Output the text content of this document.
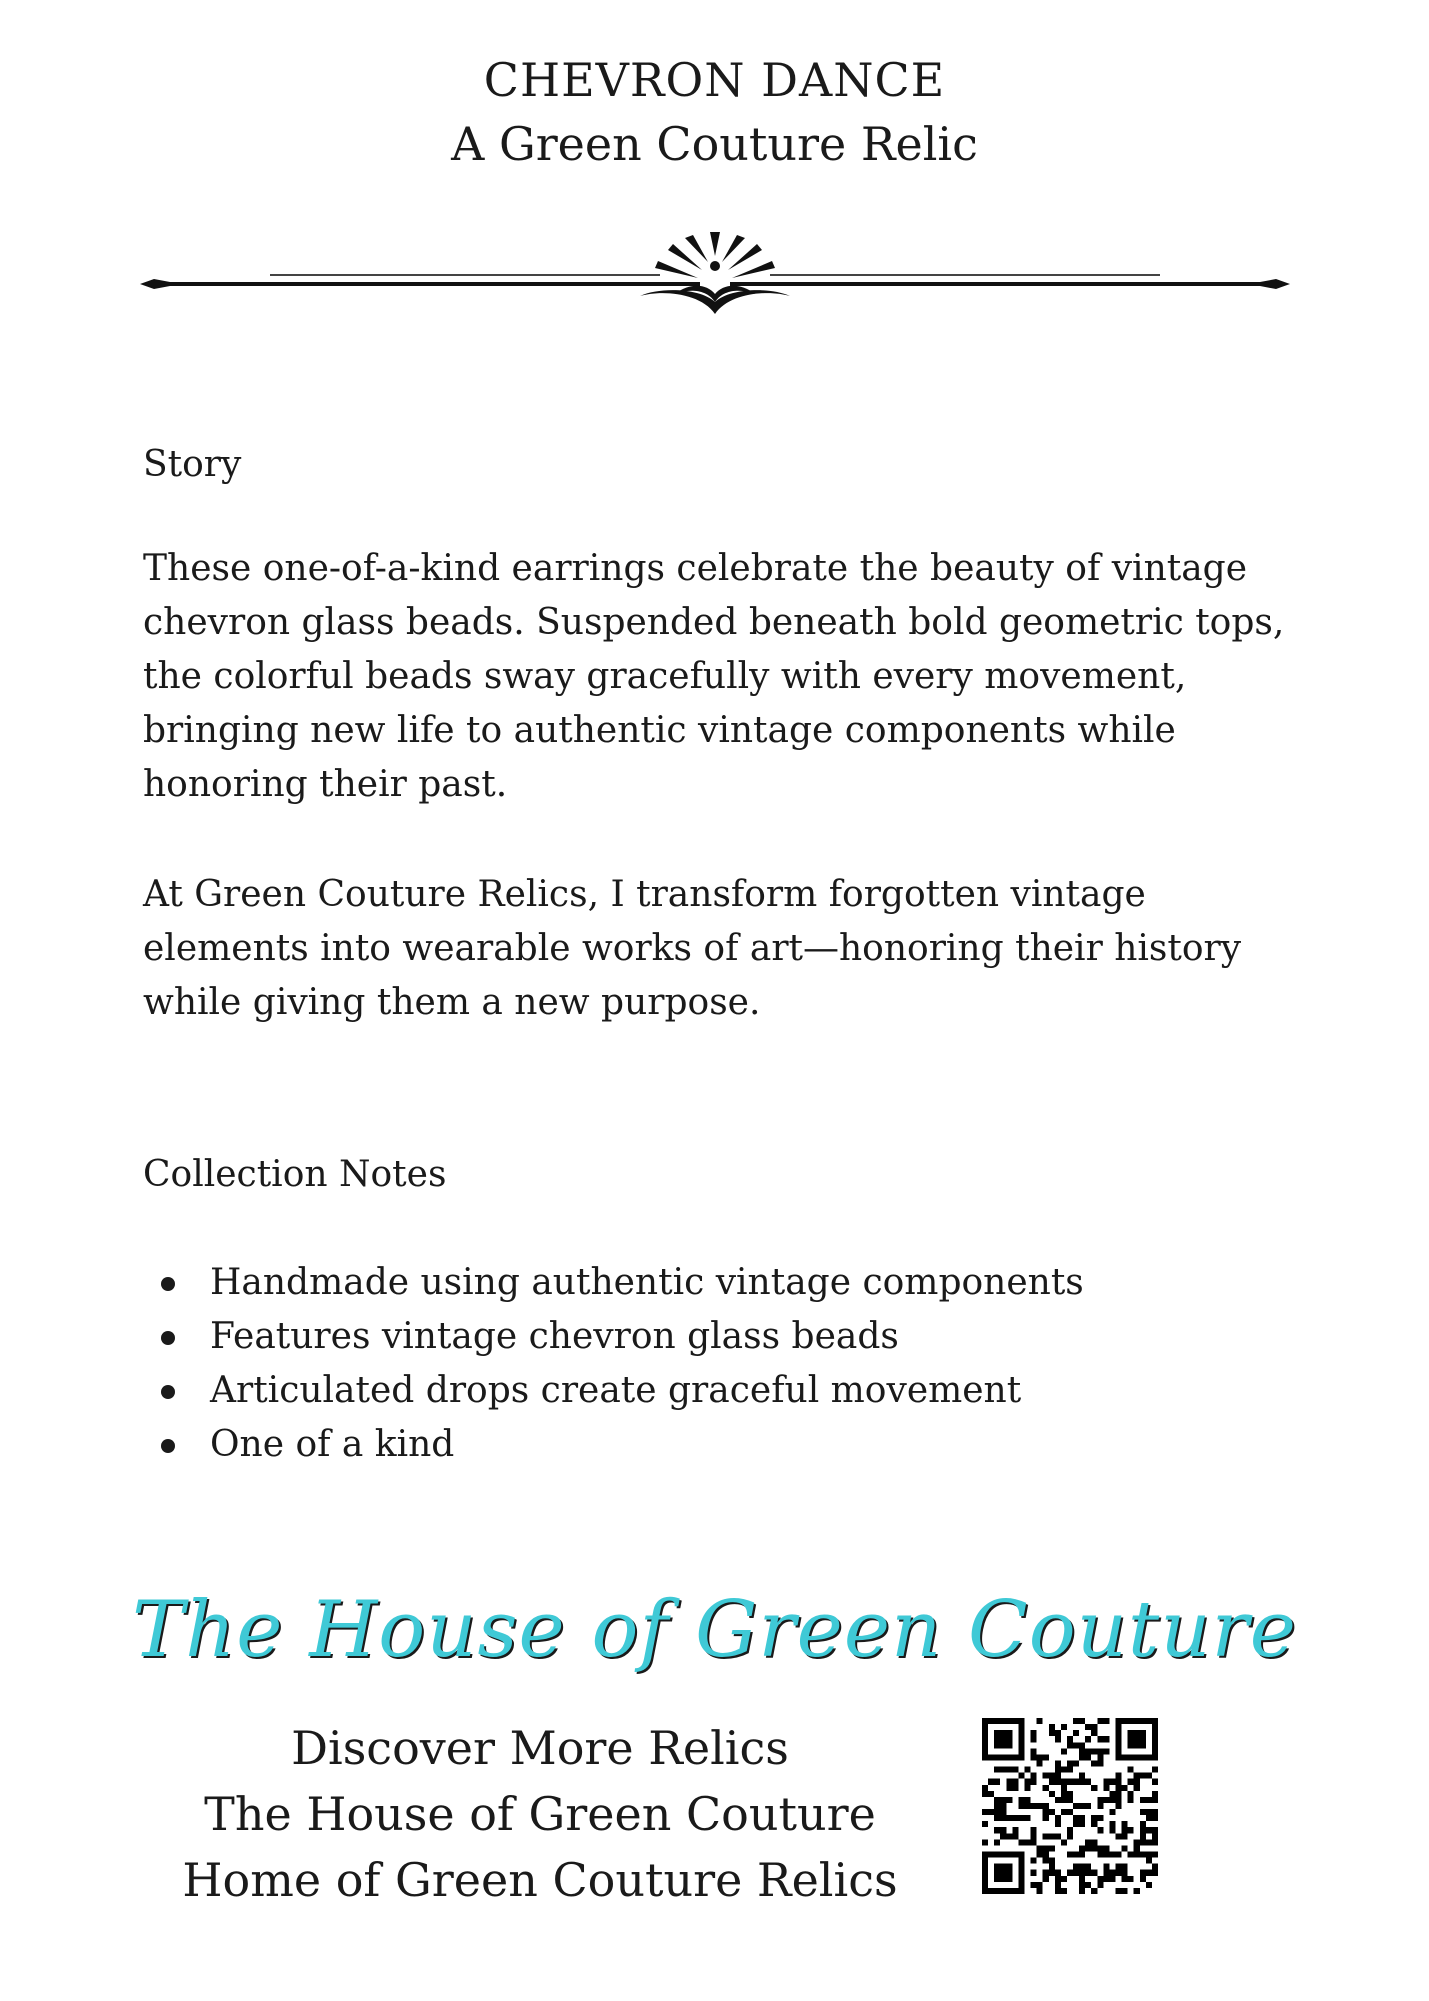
CHEVRON DANCE
A Green Couture Relic
Story

These one-of-a-kind earrings celebrate the beauty of vintage chevron glass beads. Suspended beneath bold geometric tops, the colorful beads sway gracefully with every movement, bringing new life to authentic vintage components while honoring their past.

At Green Couture Relics, I transform forgotten vintage elements into wearable works of art—honoring their history while giving them a new purpose.

Collection Notes
Handmade using authentic vintage components
Features vintage chevron glass beads
Articulated drops create graceful movement
One of a kind
The House of Green Couture

Discover More Relics

The House of Green Couture

Home of Green Couture Relics
